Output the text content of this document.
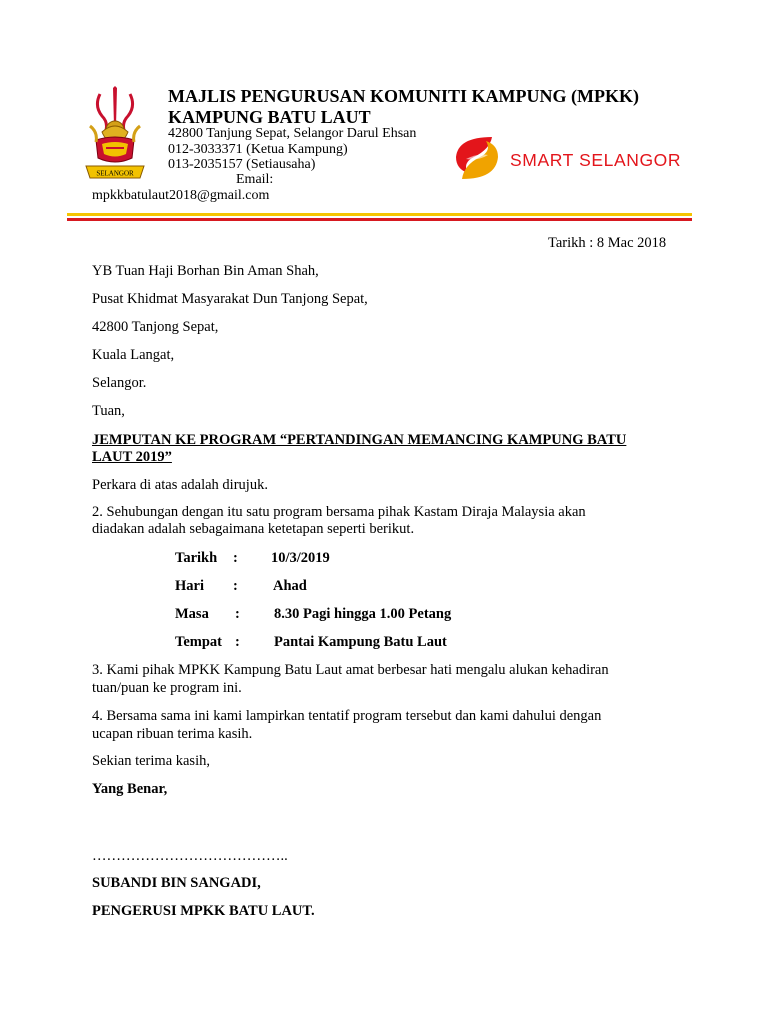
SELANGOR
MAJLIS PENGURUSAN KOMUNITI KAMPUNG (MPKK)
KAMPUNG BATU LAUT
42800 Tanjung Sepat, Selangor Darul Ehsan
012-3033371 (Ketua Kampung)
013-2035157 (Setiausaha)
Email:
mpkkbatulaut2018@gmail.com
SMART SELANGOR
Tarikh : 8 Mac 2018
YB Tuan Haji Borhan Bin Aman Shah,
Pusat Khidmat Masyarakat Dun Tanjong Sepat,
42800 Tanjong Sepat,
Kuala Langat,
Selangor.
Tuan,
JEMPUTAN KE PROGRAM “PERTANDINGAN MEMANCING KAMPUNG BATU
LAUT 2019”
Perkara di atas adalah dirujuk.
2. Sehubungan dengan itu satu program bersama pihak Kastam Diraja Malaysia akan
diadakan adalah sebagaimana ketetapan seperti berikut.
Tarikh : 10/3/2019
Hari : Ahad
Masa : 8.30 Pagi hingga 1.00 Petang
Tempat : Pantai Kampung Batu Laut
3. Kami pihak MPKK Kampung Batu Laut amat berbesar hati mengalu alukan kehadiran
tuan/puan ke program ini.
4. Bersama sama ini kami lampirkan tentatif program tersebut dan kami dahului dengan
ucapan ribuan terima kasih.
Sekian terima kasih,
Yang Benar,
…………………………………..
SUBANDI BIN SANGADI,
PENGERUSI MPKK BATU LAUT.
